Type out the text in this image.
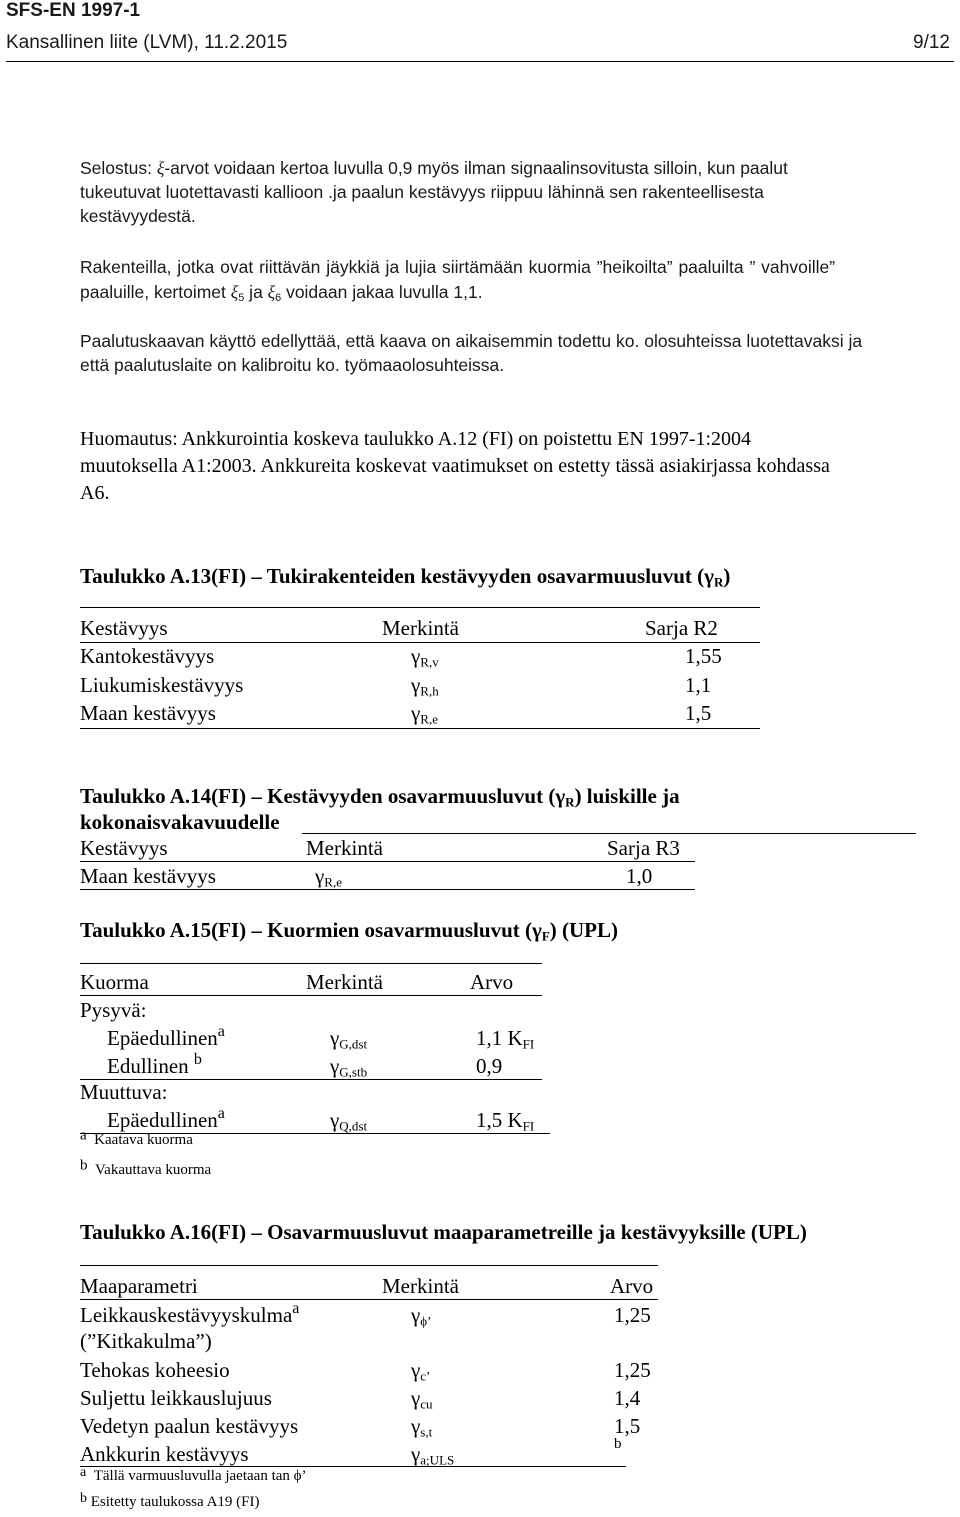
SFS-EN 1997-1
Kansallinen liite (LVM), 11.2.2015	9/12
Selostus: ξ-arvot voidaan kertoa luvulla 0,9 myös ilman signaalinsovitusta silloin, kun paalut
tukeutuvat luotettavasti kallioon .ja paalun kestävyys riippuu lähinnä sen rakenteellisesta
kestävyydestä.
Rakenteilla, jotka ovat riittävän jäykkiä ja lujia siirtämään kuormia ”heikoilta” paaluilta ” vahvoille”
paaluille, kertoimet $\xi_5$ ja $\xi_6$ voidaan jakaa luvulla 1,1.
Paalutuskaavan käyttö edellyttää, että kaava on aikaisemmin todettu ko. olosuhteissa luotettavaksi ja
että paalutuslaite on kalibroitu ko. työmaaolosuhteissa.
Huomautus: Ankkurointia koskeva taulukko A.12 (FI) on poistettu EN 1997-1:2004
muutoksella A1:2003. Ankkureita koskevat vaatimukset on estetty tässä asiakirjassa kohdassa
A6.
Taulukko A.13(FI) – Tukirakenteiden kestävyyden osavarmuusluvut $(\gamma_R)$
Kestävyys	Merkintä	Sarja R2
Kantokestävyys	$\gamma_{R,v}$	1,55
Liukumiskestävyys	$\gamma_{R,h}$	1,1
Maan kestävyys	$\gamma_{R,e}$	1,5
Taulukko A.14(FI) – Kestävyyden osavarmuusluvut $(\gamma_R)$ luiskille ja
kokonaisvakavuudelle
Kestävyys	Merkintä	Sarja R3
Maan kestävyys	$\gamma_{R,e}$	1,0
Taulukko A.15(FI) – Kuormien osavarmuusluvut $(\gamma_F)$ (UPL)
Kuorma	Merkintä	Arvo
Pysyvä:
Epäedullinen$^a$	$\gamma_{G,dst}$	1,1 $K_{FI}$
Edullinen $^b$	$\gamma_{G,stb}$	0,9
Muuttuva:
Epäedullinen$^a$	$\gamma_{Q,dst}$	1,5 $K_{FI}$
$^a$ Kaatava kuorma
$^b$ Vakauttava kuorma
Taulukko A.16(FI) – Osavarmuusluvut maaparametreille ja kestävyyksille (UPL)
Maaparametri	Merkintä	Arvo
Leikkauskestävyyskulma$^a$
(”Kitkakulma”)
$\gamma_{\phi’}$	1,25
Tehokas koheesio	$\gamma_{c’}$	1,25
Suljettu leikkauslujuus	$\gamma_{cu}$	1,4
Vedetyn paalun kestävyys	$\gamma_{s,t}$	1,5
Ankkurin kestävyys	$\gamma_{a;ULS}$
b
$^a$ Tällä varmuusluvulla jaetaan tan ϕ’
$^b$ Esitetty taulukossa A19 (FI)
